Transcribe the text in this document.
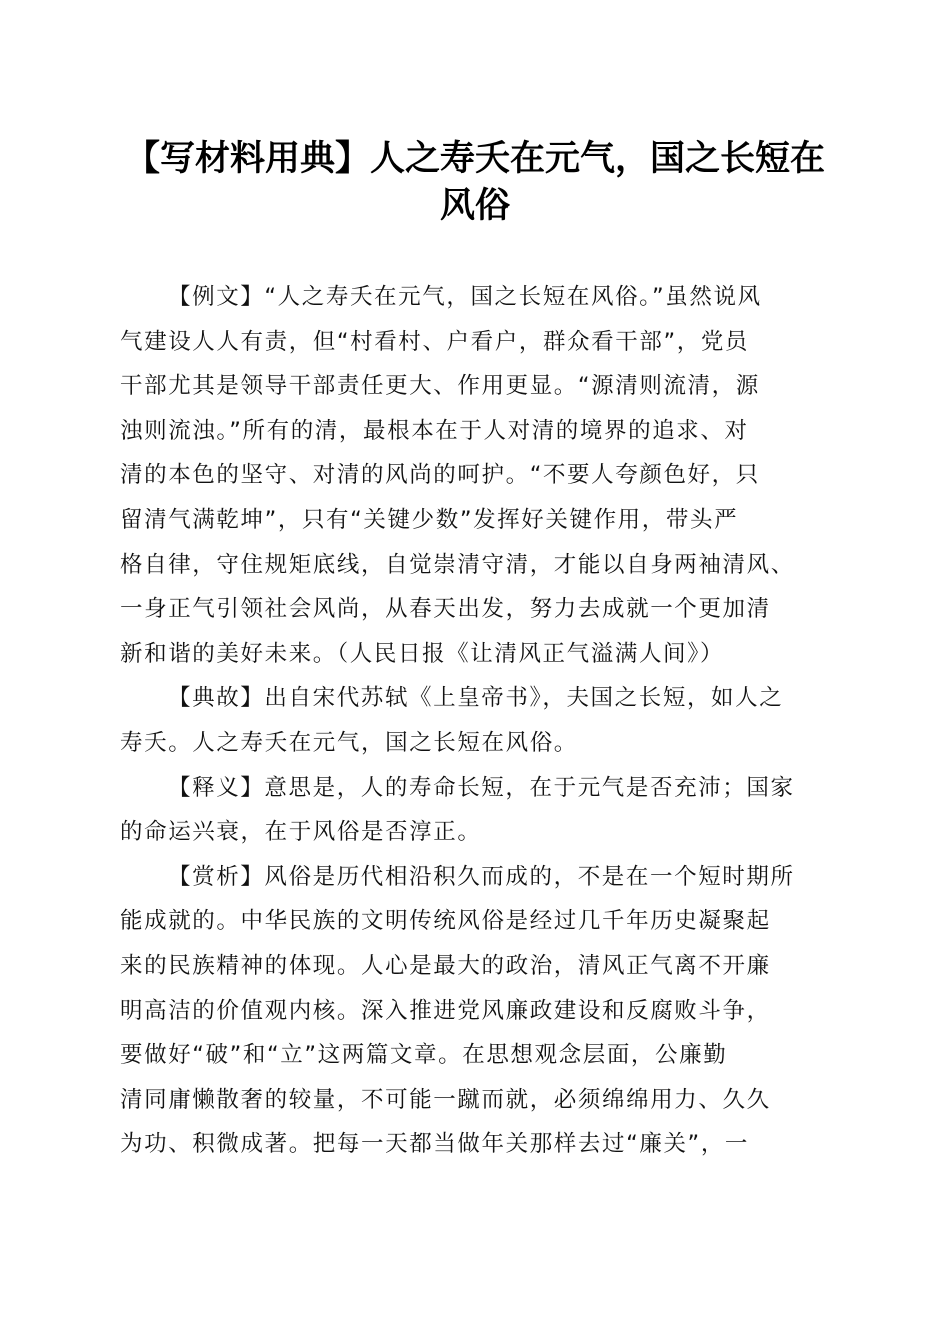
【写材料用典】人之寿夭在元气，国之长短在
风俗
【例文】“人之寿夭在元气，国之长短在风俗。”虽然说风
气建设人人有责，但“村看村、户看户，群众看干部”，党员
干部尤其是领导干部责任更大、作用更显。“源清则流清，源
浊则流浊。”所有的清，最根本在于人对清的境界的追求、对
清的本色的坚守、对清的风尚的呵护。“不要人夸颜色好，只
留清气满乾坤”，只有“关键少数”发挥好关键作用，带头严
格自律，守住规矩底线，自觉崇清守清，才能以自身两袖清风、
一身正气引领社会风尚，从春天出发，努力去成就一个更加清
新和谐的美好未来。（人民日报《让清风正气溢满人间》）
【典故】出自宋代苏轼《上皇帝书》，夫国之长短，如人之
寿夭。人之寿夭在元气，国之长短在风俗。
【释义】意思是，人的寿命长短，在于元气是否充沛；国家
的命运兴衰，在于风俗是否淳正。
【赏析】风俗是历代相沿积久而成的，不是在一个短时期所
能成就的。中华民族的文明传统风俗是经过几千年历史凝聚起
来的民族精神的体现。人心是最大的政治，清风正气离不开廉
明高洁的价值观内核。深入推进党风廉政建设和反腐败斗争，
要做好“破”和“立”这两篇文章。在思想观念层面，公廉勤
清同庸懒散奢的较量，不可能一蹴而就，必须绵绵用力、久久
为功、积微成著。把每一天都当做年关那样去过“廉关”，一
